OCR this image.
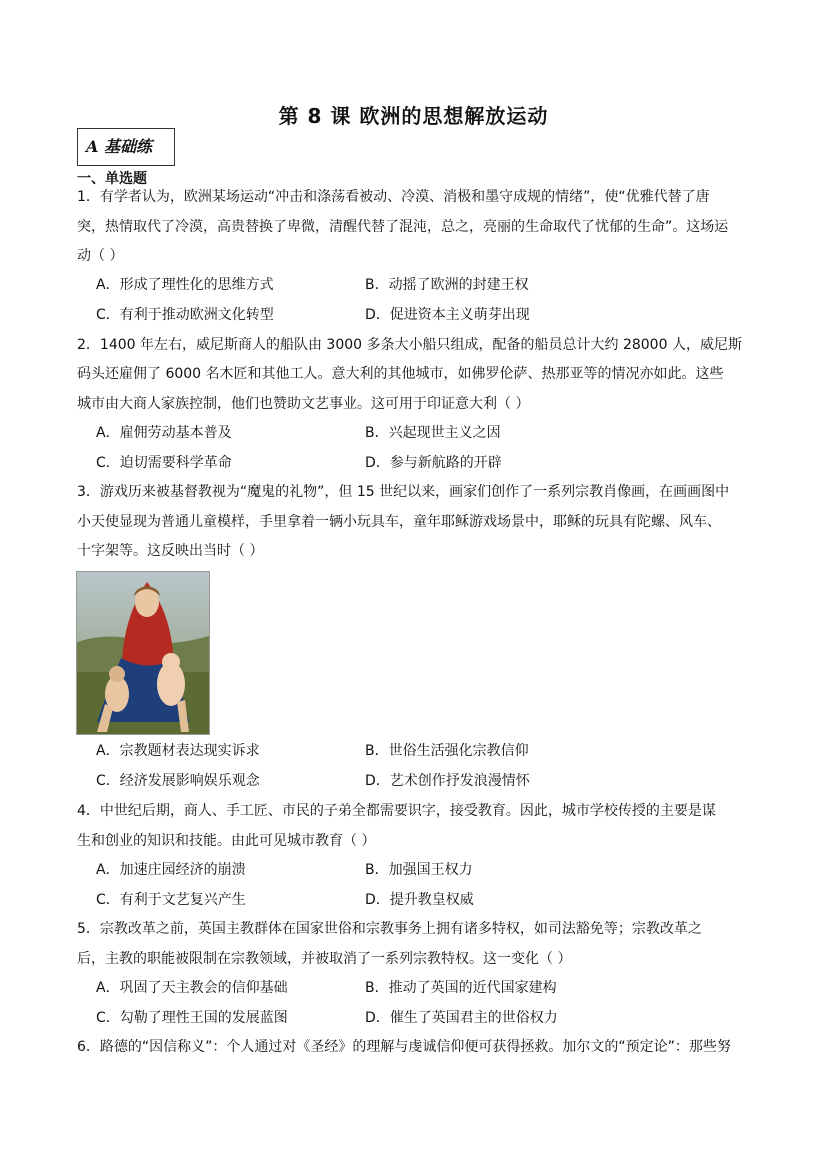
第 8 课 欧洲的思想解放运动
A 基础练
一、单选题
1．有学者认为，欧洲某场运动“冲击和涤荡看被动、冷漠、消极和墨守成规的情绪”，使“优雅代替了唐
突，热情取代了冷漠，高贵替换了卑微，清醒代替了混沌，总之，亮丽的生命取代了忧郁的生命”。这场运
动（ ）
A．形成了理性化的思维方式	B．动摇了欧洲的封建王权
C．有利于推动欧洲文化转型	D．促进资本主义萌芽出现
2．1400 年左右，威尼斯商人的船队由 3000 多条大小船只组成，配备的船员总计大约 28000 人，威尼斯
码头还雇佣了 6000 名木匠和其他工人。意大利的其他城市，如佛罗伦萨、热那亚等的情况亦如此。这些
城市由大商人家族控制，他们也赞助文艺事业。这可用于印证意大利（ ）
A．雇佣劳动基本普及	B．兴起现世主义之因
C．迫切需要科学革命	D．参与新航路的开辟
3．游戏历来被基督教视为“魔鬼的礼物”，但 15 世纪以来，画家们创作了一系列宗教肖像画，在画画图中
小天使显现为普通儿童模样，手里拿着一辆小玩具车，童年耶稣游戏场景中，耶稣的玩具有陀螺、风车、
十字架等。这反映出当时（ ）
A．宗教题材表达现实诉求	B．世俗生活强化宗教信仰
C．经济发展影响娱乐观念	D．艺术创作抒发浪漫情怀
4．中世纪后期，商人、手工匠、市民的子弟全都需要识字，接受教育。因此，城市学校传授的主要是谋
生和创业的知识和技能。由此可见城市教育（ ）
A．加速庄园经济的崩溃	B．加强国王权力
C．有利于文艺复兴产生	D．提升教皇权威
5．宗教改革之前，英国主教群体在国家世俗和宗教事务上拥有诸多特权，如司法豁免等；宗教改革之
后，主教的职能被限制在宗教领域，并被取消了一系列宗教特权。这一变化（ ）
A．巩固了天主教会的信仰基础	B．推动了英国的近代国家建构
C．勾勒了理性王国的发展蓝图	D．催生了英国君主的世俗权力
6．路德的“因信称义”：个人通过对《圣经》的理解与虔诚信仰便可获得拯救。加尔文的“预定论”：那些努
